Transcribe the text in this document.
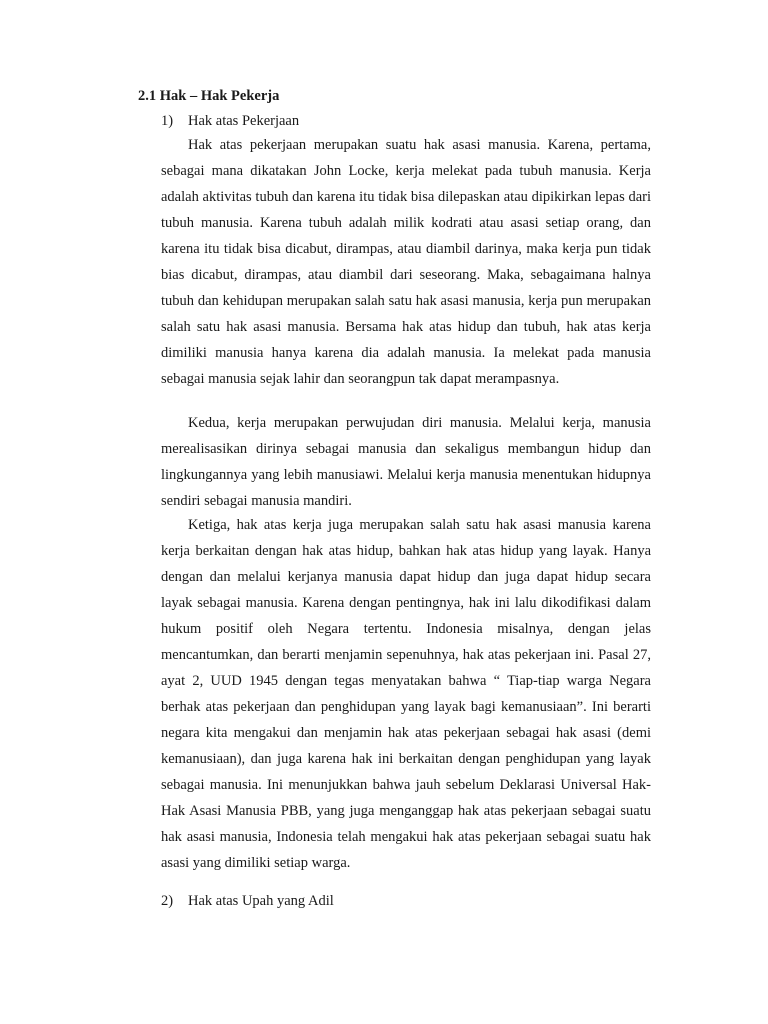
2.1 Hak – Hak Pekerja
1) Hak atas Pekerjaan

Hak atas pekerjaan merupakan suatu hak asasi manusia. Karena, pertama, sebagai mana dikatakan John Locke, kerja melekat pada tubuh manusia. Kerja adalah aktivitas tubuh dan karena itu tidak bisa dilepaskan atau dipikirkan lepas dari tubuh manusia. Karena tubuh adalah milik kodrati atau asasi setiap orang, dan karena itu tidak bisa dicabut, dirampas, atau diambil darinya, maka kerja pun tidak bias dicabut, dirampas, atau diambil dari seseorang. Maka, sebagaimana halnya tubuh dan kehidupan merupakan salah satu hak asasi manusia, kerja pun merupakan salah satu hak asasi manusia. Bersama hak atas hidup dan tubuh, hak atas kerja dimiliki manusia hanya karena dia adalah manusia. Ia melekat pada manusia sebagai manusia sejak lahir dan seorangpun tak dapat merampasnya.

Kedua, kerja merupakan perwujudan diri manusia. Melalui kerja, manusia merealisasikan dirinya sebagai manusia dan sekaligus membangun hidup dan lingkungannya yang lebih manusiawi. Melalui kerja manusia menentukan hidupnya sendiri sebagai manusia mandiri.

Ketiga, hak atas kerja juga merupakan salah satu hak asasi manusia karena kerja berkaitan dengan hak atas hidup, bahkan hak atas hidup yang layak. Hanya dengan dan melalui kerjanya manusia dapat hidup dan juga dapat hidup secara layak sebagai manusia. Karena dengan pentingnya, hak ini lalu dikodifikasi dalam hukum positif oleh Negara tertentu. Indonesia misalnya, dengan jelas mencantumkan, dan berarti menjamin sepenuhnya, hak atas pekerjaan ini. Pasal 27, ayat 2, UUD 1945 dengan tegas menyatakan bahwa “ Tiap-tiap warga Negara berhak atas pekerjaan dan penghidupan yang layak bagi kemanusiaan”. Ini berarti negara kita mengakui dan menjamin hak atas pekerjaan sebagai hak asasi (demi kemanusiaan), dan juga karena hak ini berkaitan dengan penghidupan yang layak sebagai manusia. Ini menunjukkan bahwa jauh sebelum Deklarasi Universal Hak-Hak Asasi Manusia PBB, yang juga menganggap hak atas pekerjaan sebagai suatu hak asasi manusia, Indonesia telah mengakui hak atas pekerjaan sebagai suatu hak asasi yang dimiliki setiap warga.

2) Hak atas Upah yang Adil
